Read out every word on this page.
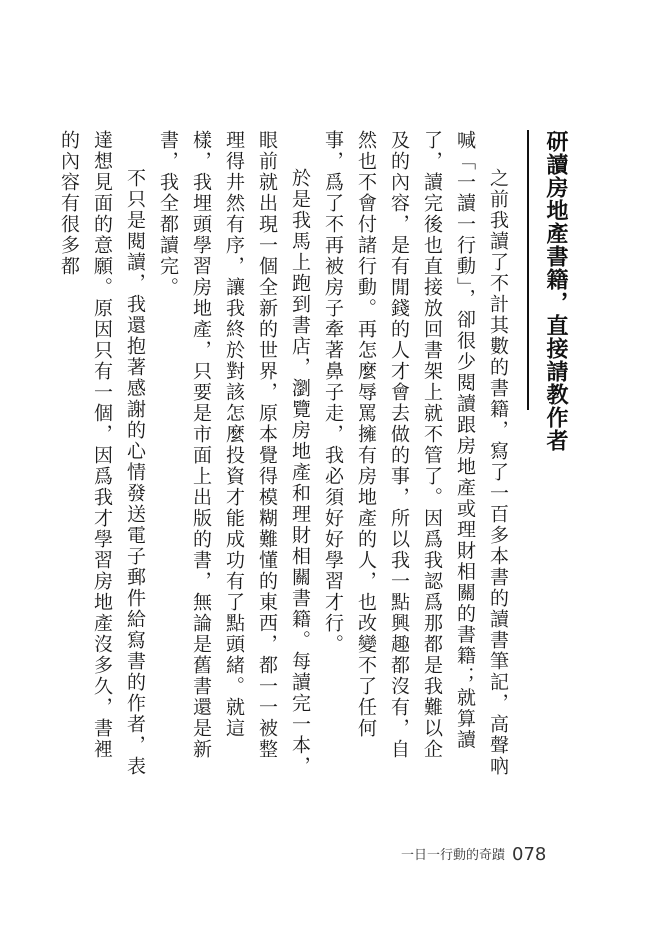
研讀房地產書籍，直接請教作者

之前我讀了不計其數的書籍，寫了一百多本書的讀書筆記，高聲吶喊「一讀一行動」，卻很少閱讀跟房地產或理財相關的書籍；就算讀了，讀完後也直接放回書架上就不管了。因爲我認爲那都是我難以企及的內容，是有閒錢的人才會去做的事，所以我一點興趣都沒有，自然也不會付諸行動。再怎麼辱罵擁有房地產的人，也改變不了任何事，爲了不再被房子牽著鼻子走，我必須好好學習才行。

於是我馬上跑到書店，瀏覽房地產和理財相關書籍。每讀完一本，眼前就出現一個全新的世界，原本覺得模糊難懂的東西，都一一被整理得井然有序，讓我終於對該怎麼投資才能成功有了點頭緒。就這樣，我埋頭學習房地產，只要是市面上出版的書，無論是舊書還是新書，我全都讀完。

不只是閱讀，我還抱著感謝的心情發送電子郵件給寫書的作者，表達想見面的意願。原因只有一個，因爲我才學習房地產沒多久，書裡的內容有很多都

一日一行動的奇蹟 078
